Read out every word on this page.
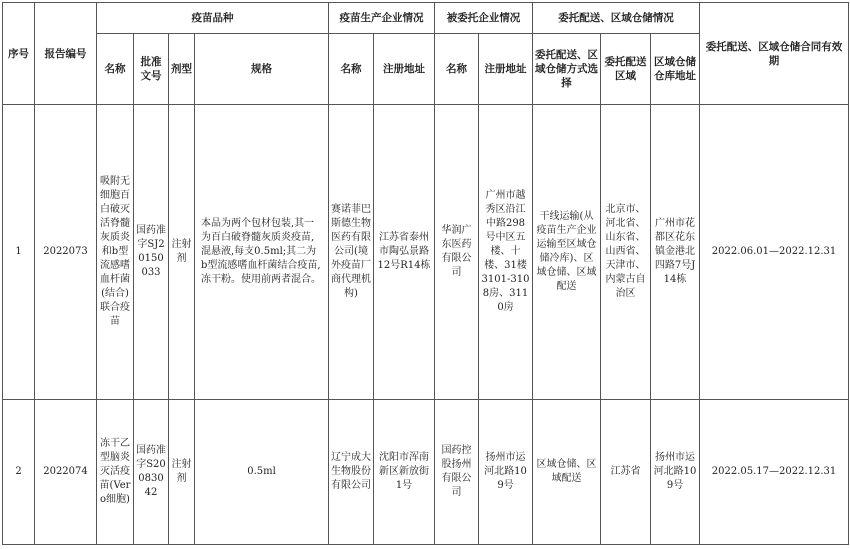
序号	报告编号	疫苗品种				疫苗生产企业情况		被委托企业情况		委托配送、区域仓储情况			委托配送、区域仓储合同有效期
		名称	批准文号	剂型	规格	名称	注册地址	名称	注册地址	委托配送、区域仓储方式选择	委托配送区域	区域仓储仓库地址	
1	2022073	吸附无细胞百白破灭活脊髓灰质炎和b型流感嗜血杆菌(结合)联合疫苗	国药准字SJ20150033	注射剂	本品为两个包材包装,其一为百白破脊髓灰质炎疫苗,混悬液,每支0.5ml;其二为b型流感嗜血杆菌结合疫苗,冻干粉。使用前两者混合。	赛诺菲巴斯德生物医药有限公司(境外疫苗厂商代理机构)	江苏省泰州市陶弘景路12号R14栋	华润广东医药有限公司	广州市越秀区沿江中路298号中区五楼、十楼、31楼3101-3108房、3110房	干线运输(从疫苗生产企业运输至区域仓储冷库)、区域仓储、区域配送	北京市、河北省、山东省、山西省、天津市、内蒙古自治区	广州市花都区花东镇金港北四路7号J14栋	2022.06.01—2022.12.31
2	2022074	冻干乙型脑炎灭活疫苗(Vero细胞)	国药准字S20083042	注射剂	0.5ml	辽宁成大生物股份有限公司	沈阳市浑南新区新放街1号	国药控股扬州有限公司	扬州市运河北路109号	区域仓储、区域配送	江苏省	扬州市运河北路109号	2022.05.17—2022.12.31
